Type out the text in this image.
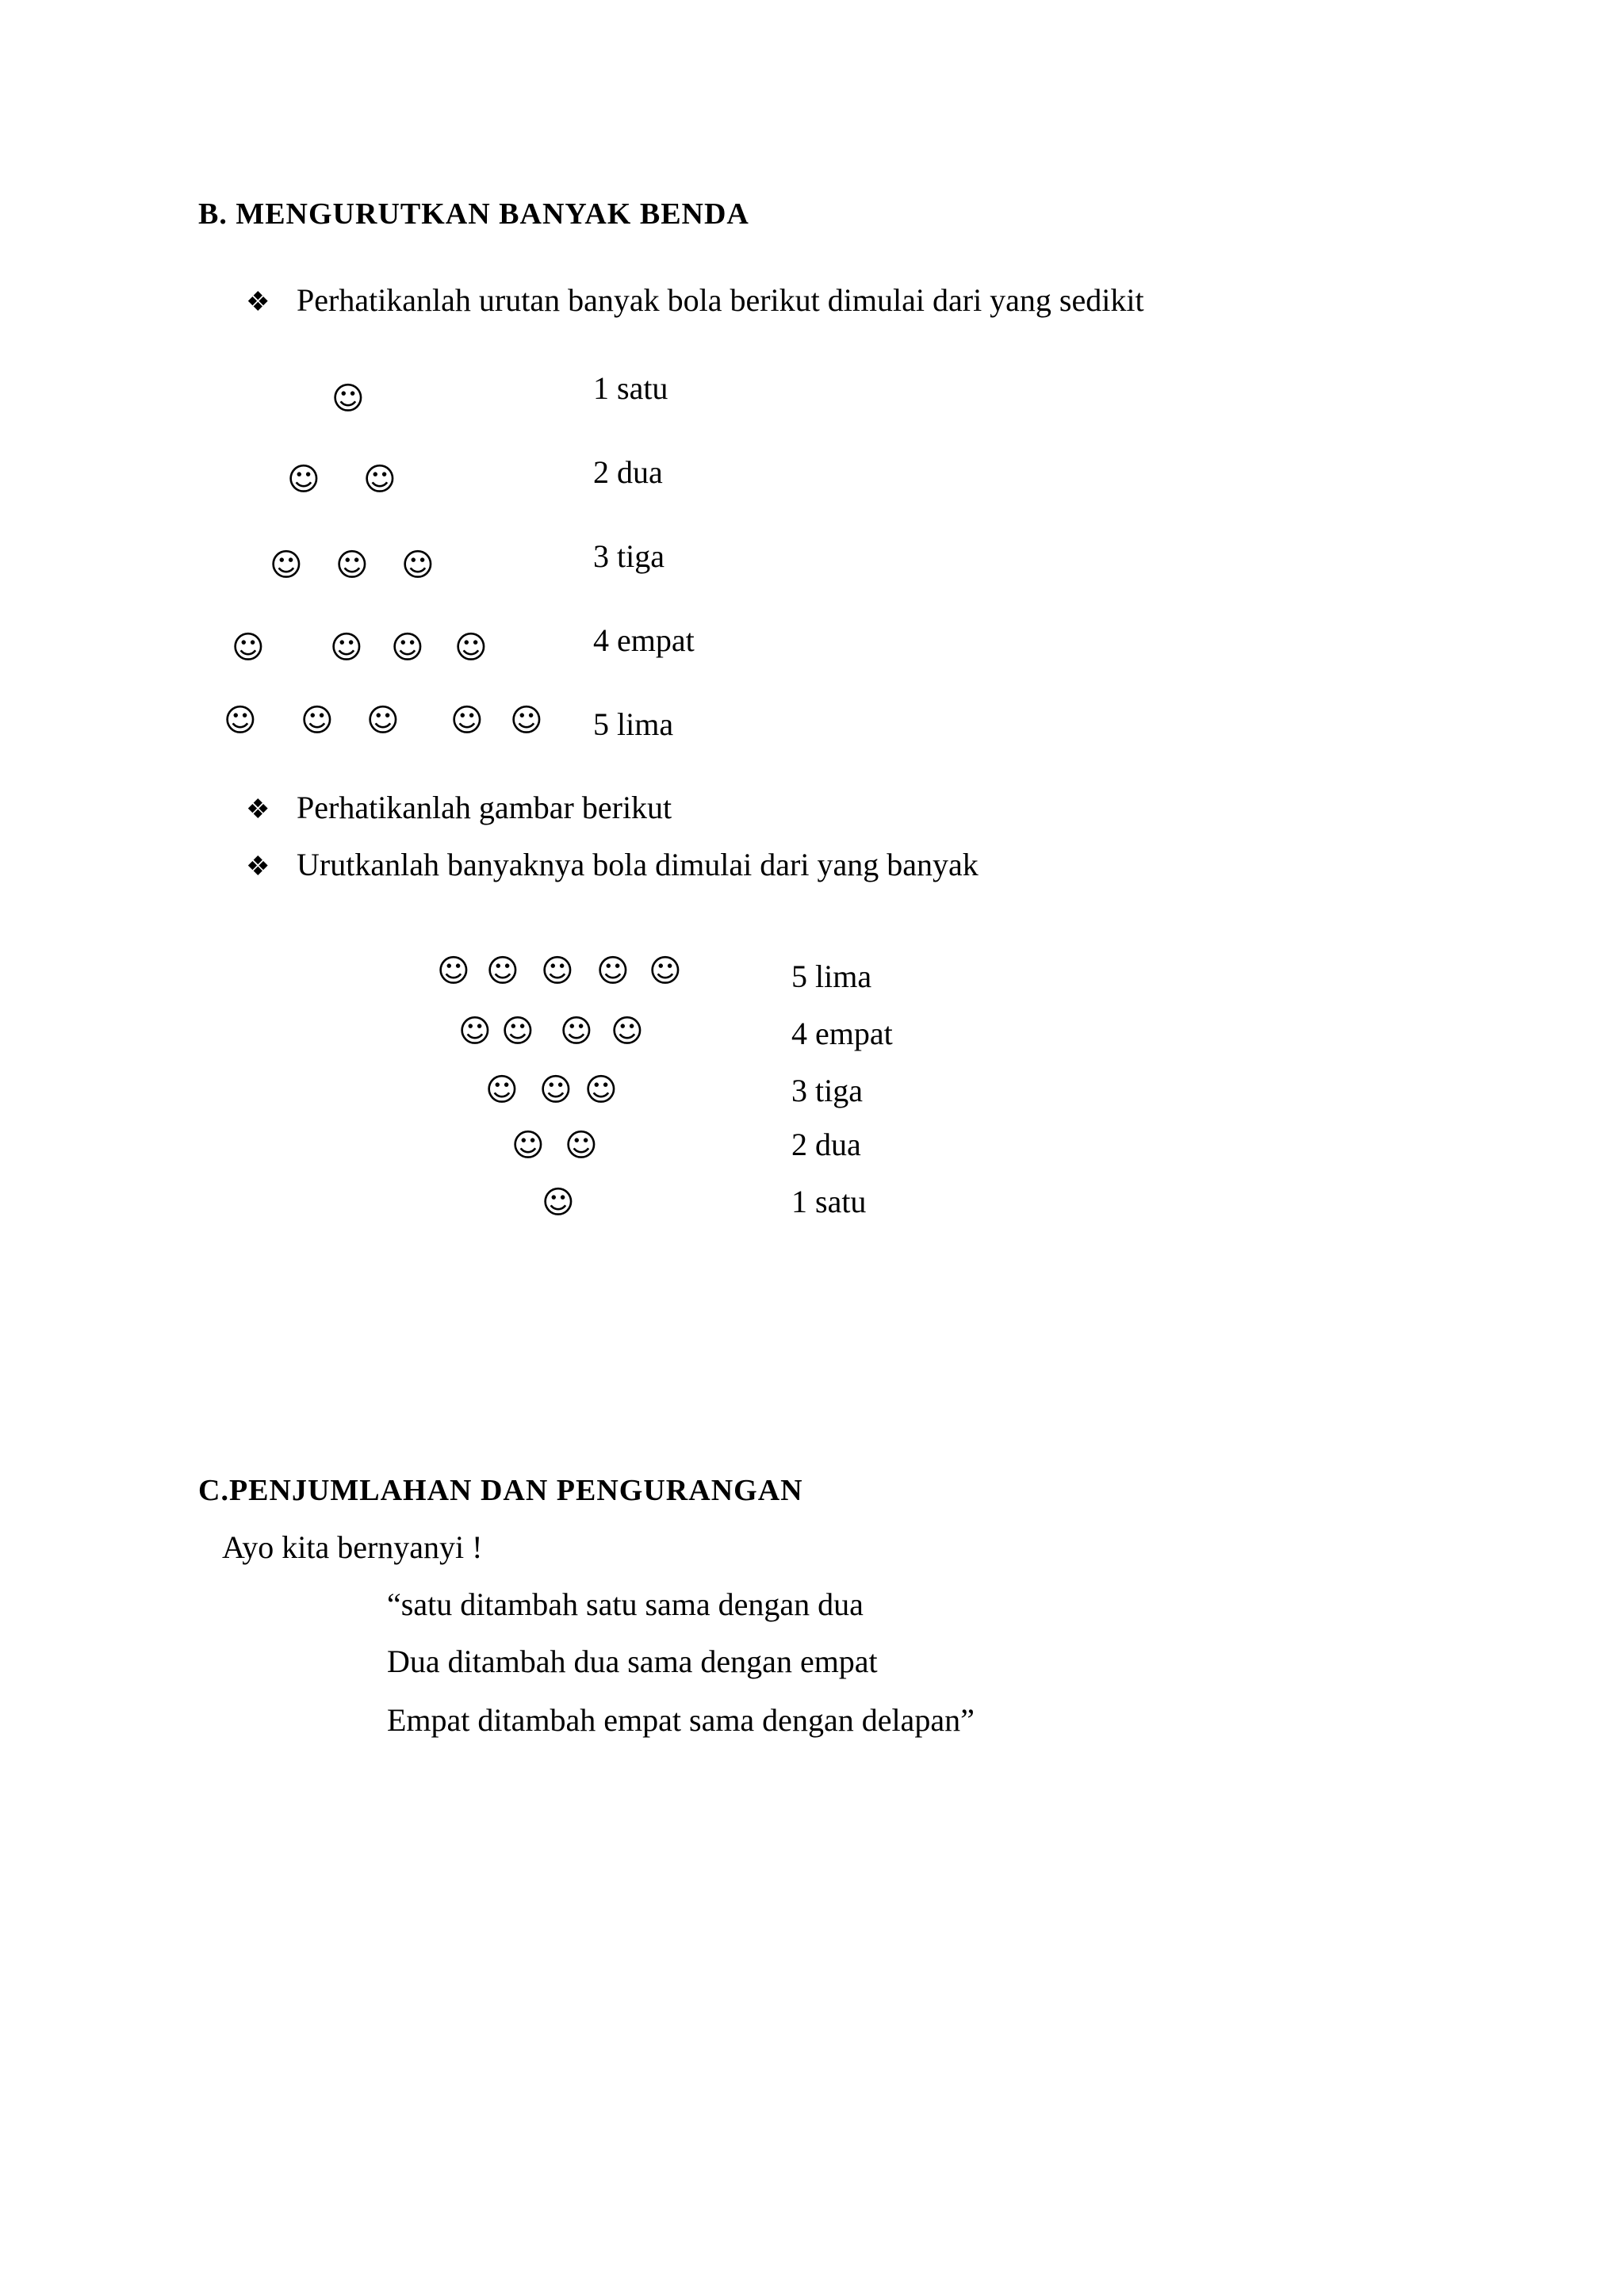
B. MENGURUTKAN BANYAK BENDA
❖ Perhatikanlah urutan banyak bola berikut dimulai dari yang sedikit
☺	1 satu
☺ ☺	2 dua
☺ ☺ ☺	3 tiga
☺ ☺ ☺ ☺	4 empat
☺ ☺ ☺ ☺ ☺ 5 lima
❖ Perhatikanlah gambar berikut
❖ Urutkanlah banyaknya bola dimulai dari yang banyak
☺ ☺ ☺ ☺ ☺	5 lima
☺ ☺ ☺ ☺	4 empat
☺ ☺ ☺	3 tiga
☺ ☺	2 dua
☺	1 satu
C.PENJUMLAHAN DAN PENGURANGAN
Ayo kita bernyanyi !
“satu ditambah satu sama dengan dua
Dua ditambah dua sama dengan empat
Empat ditambah empat sama dengan delapan”
